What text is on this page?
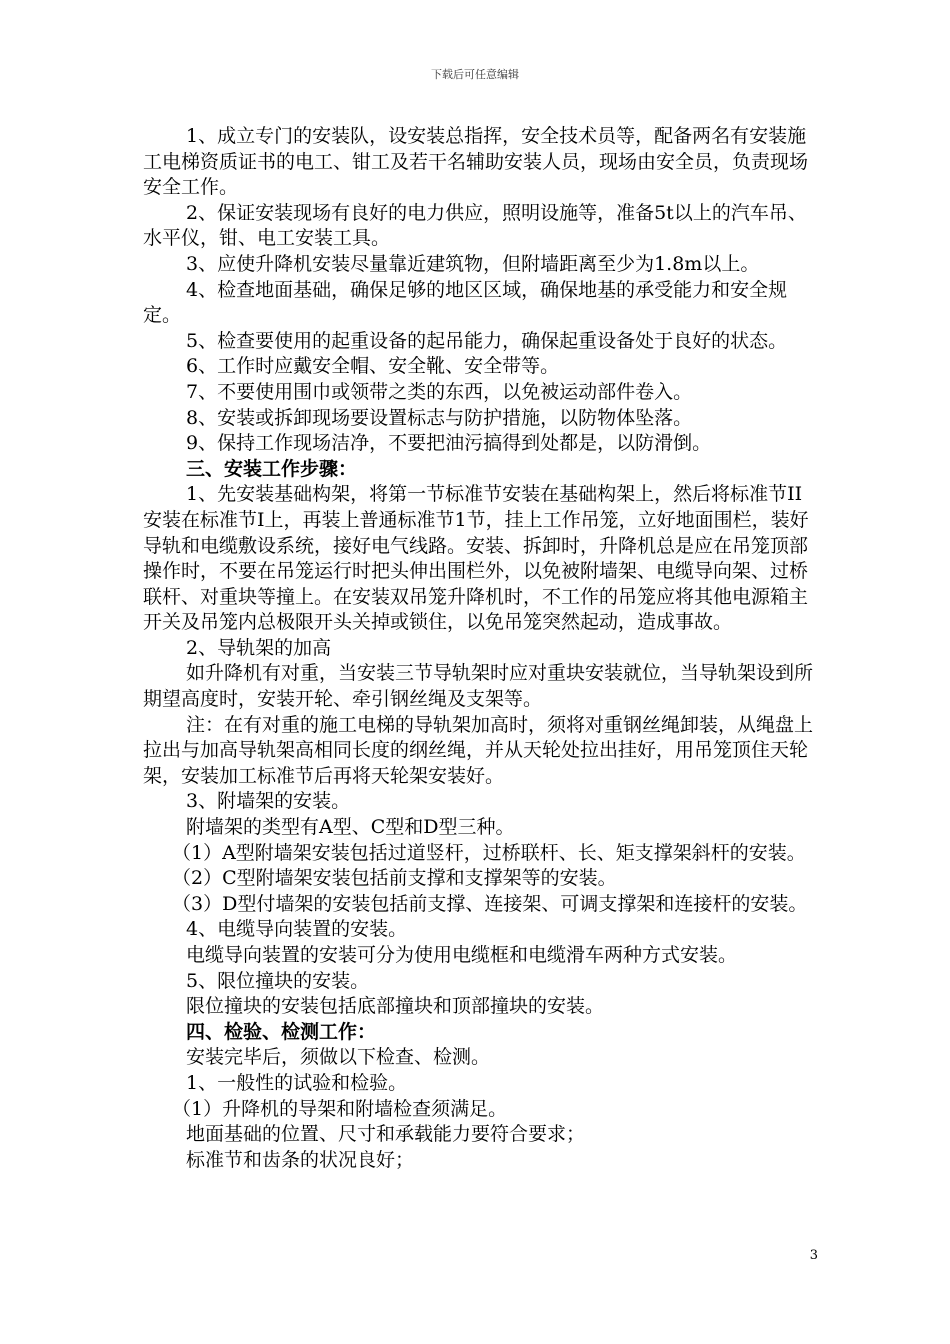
下载后可任意编辑

1、成立专门的安装队，设安装总指挥，安全技术员等，配备两名有安装施工电梯资质证书的电工、钳工及若干名辅助安装人员，现场由安全员，负责现场安全工作。

2、保证安装现场有良好的电力供应，照明设施等，准备5t以上的汽车吊、水平仪，钳、电工安装工具。

3、应使升降机安装尽量靠近建筑物，但附墙距离至少为1.8m以上。

4、检查地面基础，确保足够的地区区域，确保地基的承受能力和安全规定。

5、检查要使用的起重设备的起吊能力，确保起重设备处于良好的状态。

6、工作时应戴安全帽、安全靴、安全带等。

7、不要使用围巾或领带之类的东西，以免被运动部件卷入。

8、安装或拆卸现场要设置标志与防护措施，以防物体坠落。

9、保持工作现场洁净，不要把油污搞得到处都是，以防滑倒。

三、安装工作步骤：

1、先安装基础构架，将第一节标准节安装在基础构架上，然后将标准节II安装在标准节I上，再装上普通标准节1节，挂上工作吊笼，立好地面围栏，装好导轨和电缆敷设系统，接好电气线路。安装、拆卸时，升降机总是应在吊笼顶部操作时，不要在吊笼运行时把头伸出围栏外，以免被附墙架、电缆导向架、过桥联杆、对重块等撞上。在安装双吊笼升降机时，不工作的吊笼应将其他电源箱主开关及吊笼内总极限开头关掉或锁住，以免吊笼突然起动，造成事故。

2、导轨架的加高

如升降机有对重，当安装三节导轨架时应对重块安装就位，当导轨架设到所期望高度时，安装开轮、牵引钢丝绳及支架等。

注：在有对重的施工电梯的导轨架加高时，须将对重钢丝绳卸装，从绳盘上拉出与加高导轨架高相同长度的纲丝绳，并从天轮处拉出挂好，用吊笼顶住天轮架，安装加工标准节后再将天轮架安装好。

3、附墙架的安装。

附墙架的类型有A型、C型和D型三种。

（1）A型附墙架安装包括过道竖杆，过桥联杆、长、矩支撑架斜杆的安装。

（2）C型附墙架安装包括前支撑和支撑架等的安装。

（3）D型付墙架的安装包括前支撑、连接架、可调支撑架和连接杆的安装。

4、电缆导向装置的安装。

电缆导向装置的安装可分为使用电缆框和电缆滑车两种方式安装。

5、限位撞块的安装。

限位撞块的安装包括底部撞块和顶部撞块的安装。

四、检验、检测工作：

安装完毕后，须做以下检查、检测。

1、一般性的试验和检验。

（1）升降机的导架和附墙检查须满足。

地面基础的位置、尺寸和承载能力要符合要求；

标准节和齿条的状况良好；

3
